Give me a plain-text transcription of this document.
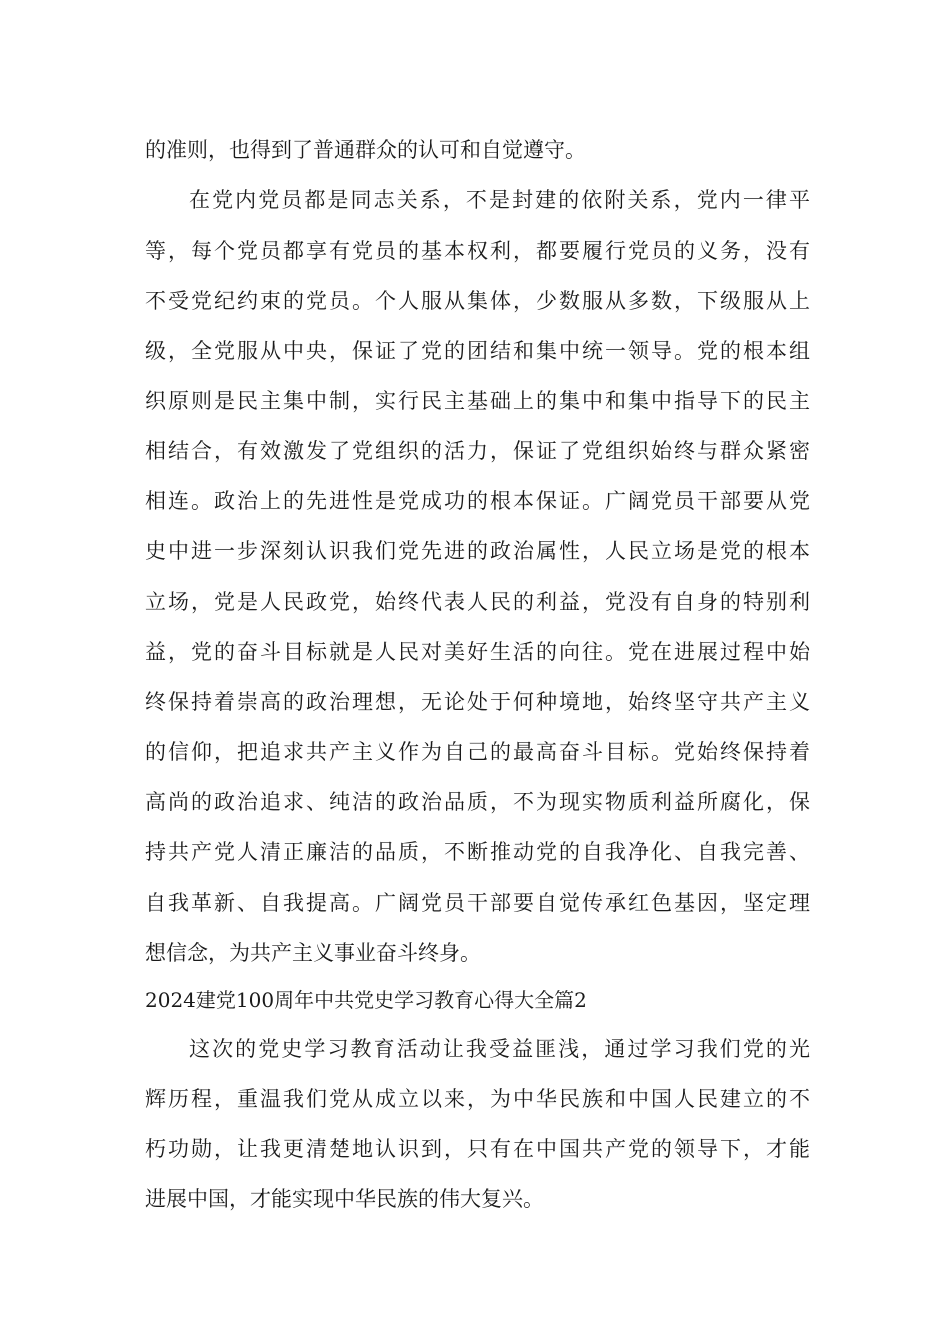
的准则，也得到了普通群众的认可和自觉遵守。
在党内党员都是同志关系，不是封建的依附关系，党内一律平
等，每个党员都享有党员的基本权利，都要履行党员的义务，没有
不受党纪约束的党员。个人服从集体，少数服从多数，下级服从上
级，全党服从中央，保证了党的团结和集中统一领导。党的根本组
织原则是民主集中制，实行民主基础上的集中和集中指导下的民主
相结合，有效激发了党组织的活力，保证了党组织始终与群众紧密
相连。政治上的先进性是党成功的根本保证。广阔党员干部要从党
史中进一步深刻认识我们党先进的政治属性，人民立场是党的根本
立场，党是人民政党，始终代表人民的利益，党没有自身的特别利
益，党的奋斗目标就是人民对美好生活的向往。党在进展过程中始
终保持着崇高的政治理想，无论处于何种境地，始终坚守共产主义
的信仰，把追求共产主义作为自己的最高奋斗目标。党始终保持着
高尚的政治追求、纯洁的政治品质，不为现实物质利益所腐化，保
持共产党人清正廉洁的品质，不断推动党的自我净化、自我完善、
自我革新、自我提高。广阔党员干部要自觉传承红色基因，坚定理
想信念，为共产主义事业奋斗终身。
2024建党100周年中共党史学习教育心得大全篇2
这次的党史学习教育活动让我受益匪浅，通过学习我们党的光
辉历程，重温我们党从成立以来，为中华民族和中国人民建立的不
朽功勋，让我更清楚地认识到，只有在中国共产党的领导下，才能
进展中国，才能实现中华民族的伟大复兴。
